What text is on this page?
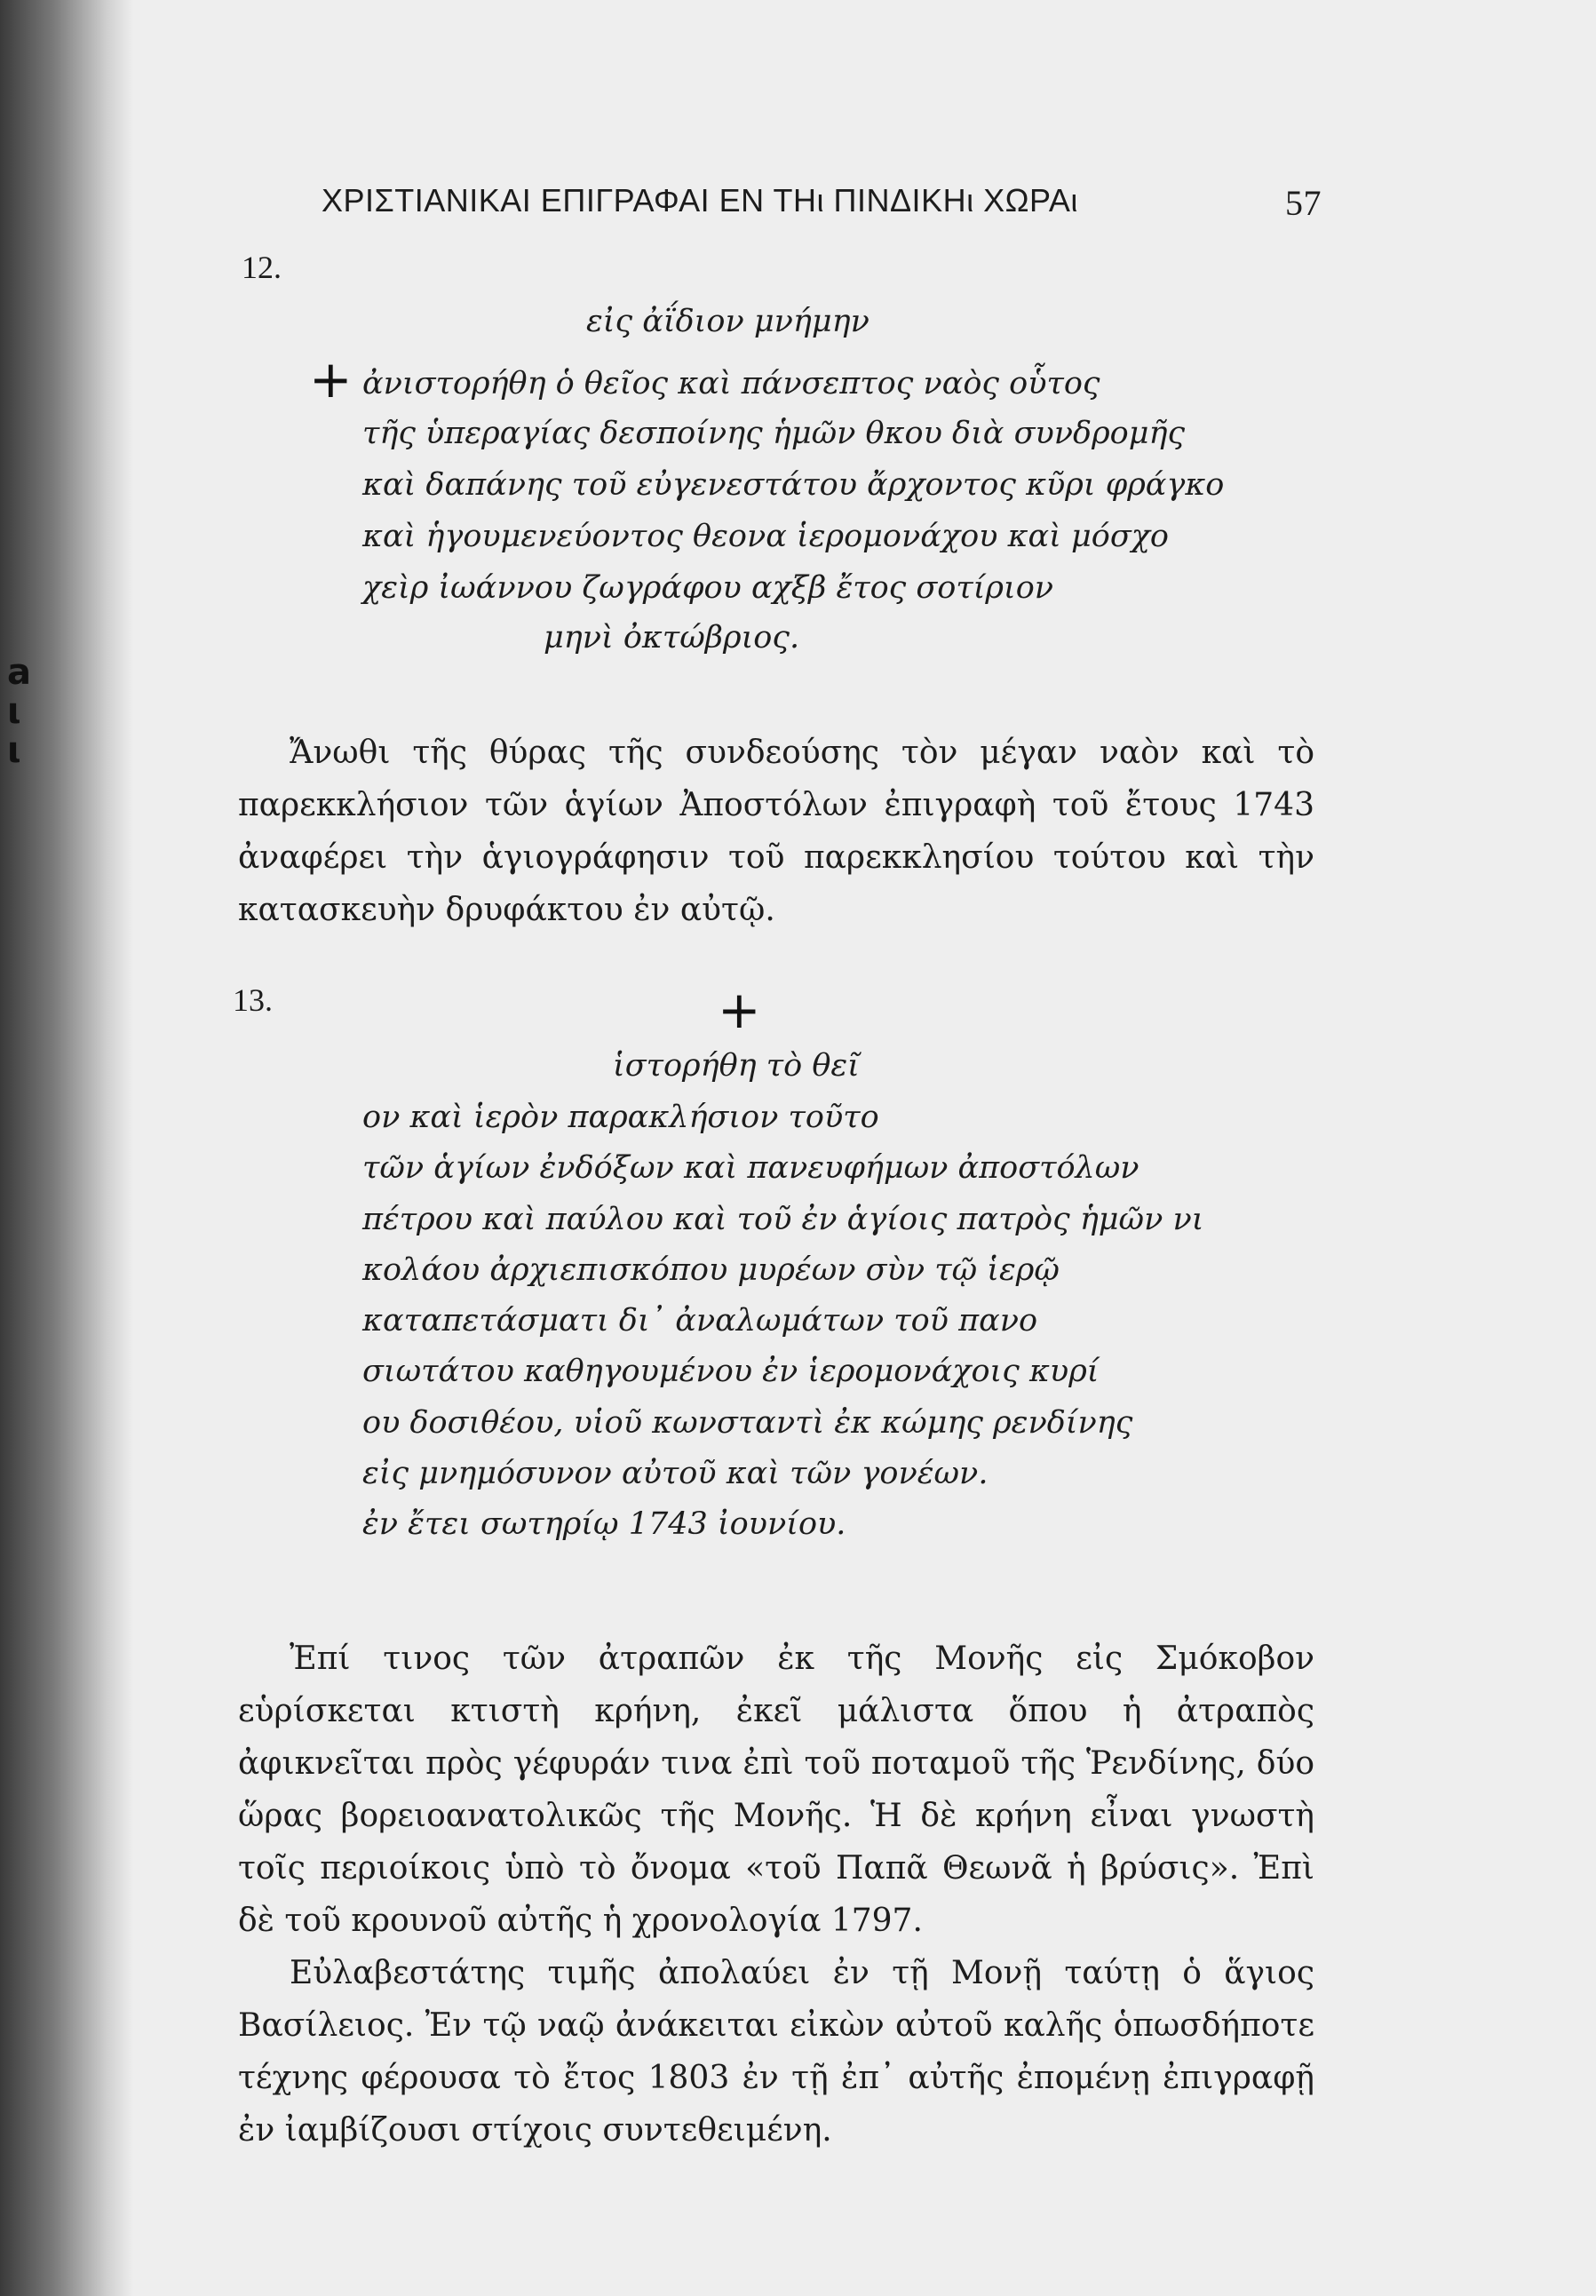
a
ι
ι
ΧΡΙΣΤΙΑΝΙΚΑΙ ΕΠΙΓΡΑΦΑΙ ΕΝ ΤΗι ΠΙΝΔΙΚΗι ΧΩΡΑι	57
12.
+
εἰς ἀΐδιον μνήμην
ἀνιστορήθη ὁ θεῖος καὶ πάνσεπτος ναὸς οὗτος
τῆς ὑπεραγίας δεσποίνης ἡμῶν θκου διὰ συνδρομῆς
καὶ δαπάνης τοῦ εὐγενεστάτου ἄρχοντος κῦρι φράγκο
καὶ ἡγουμενεύοντος θεονα ἱερομονάχου καὶ μόσχο
χεὶρ ἰωάννου ζωγράφου αχξβ ἔτος σοτίριον
μηνὶ ὀκτώβριος.

Ἄνωθι τῆς θύρας τῆς συνδεούσης τὸν μέγαν ναὸν καὶ τὸ παρεκκλήσιον τῶν ἁγίων Ἀποστόλων ἐπιγραφὴ τοῦ ἔτους 1743 ἀναφέρει τὴν ἁγιογράφησιν τοῦ παρεκκλησίου τούτου καὶ τὴν κατασκευὴν δρυφάκτου ἐν αὐτῷ.

13.	+
ἱστορήθη τὸ θεῖ
ον καὶ ἱερὸν παρακλήσιον τοῦτο
τῶν ἁγίων ἐνδόξων καὶ πανευφήμων ἀποστόλων
πέτρου καὶ παύλου καὶ τοῦ ἐν ἁγίοις πατρὸς ἡμῶν νι
κολάου ἀρχιεπισκόπου μυρέων σὺν τῷ ἱερῷ
καταπετάσματι δι᾽ ἀναλωμάτων τοῦ πανο
σιωτάτου καθηγουμένου ἐν ἱερομονάχοις κυρί
ου δοσιθέου, υἱοῦ κωνσταντὶ ἐκ κώμης ρενδίνης
εἰς μνημόσυνον αὐτοῦ καὶ τῶν γονέων.
ἐν ἔτει σωτηρίῳ 1743 ἰουνίου.

Ἐπί τινος τῶν ἀτραπῶν ἐκ τῆς Μονῆς εἰς Σμόκοβον εὑρίσκεται κτιστὴ κρήνη, ἐκεῖ μάλιστα ὅπου ἡ ἀτραπὸς ἀφικνεῖται πρὸς γέφυράν τινα ἐπὶ τοῦ ποταμοῦ τῆς Ῥενδίνης, δύο ὥρας βορειοανατολικῶς τῆς Μονῆς. Ἡ δὲ κρήνη εἶναι γνωστὴ τοῖς περιοίκοις ὑπὸ τὸ ὄνομα «τοῦ Παπᾶ Θεωνᾶ ἡ βρύσις». Ἐπὶ δὲ τοῦ κρουνοῦ αὐτῆς ἡ χρονολογία 1797.

Εὐλαβεστάτης τιμῆς ἀπολαύει ἐν τῇ Μονῇ ταύτῃ ὁ ἅγιος Βασίλειος. Ἐν τῷ ναῷ ἀνάκειται εἰκὼν αὐτοῦ καλῆς ὁπωσδήποτε τέχνης φέρουσα τὸ ἔτος 1803 ἐν τῇ ἐπ᾽ αὐτῆς ἐπομένῃ ἐπιγραφῇ ἐν ἰαμβίζουσι στίχοις συντεθειμένη.
